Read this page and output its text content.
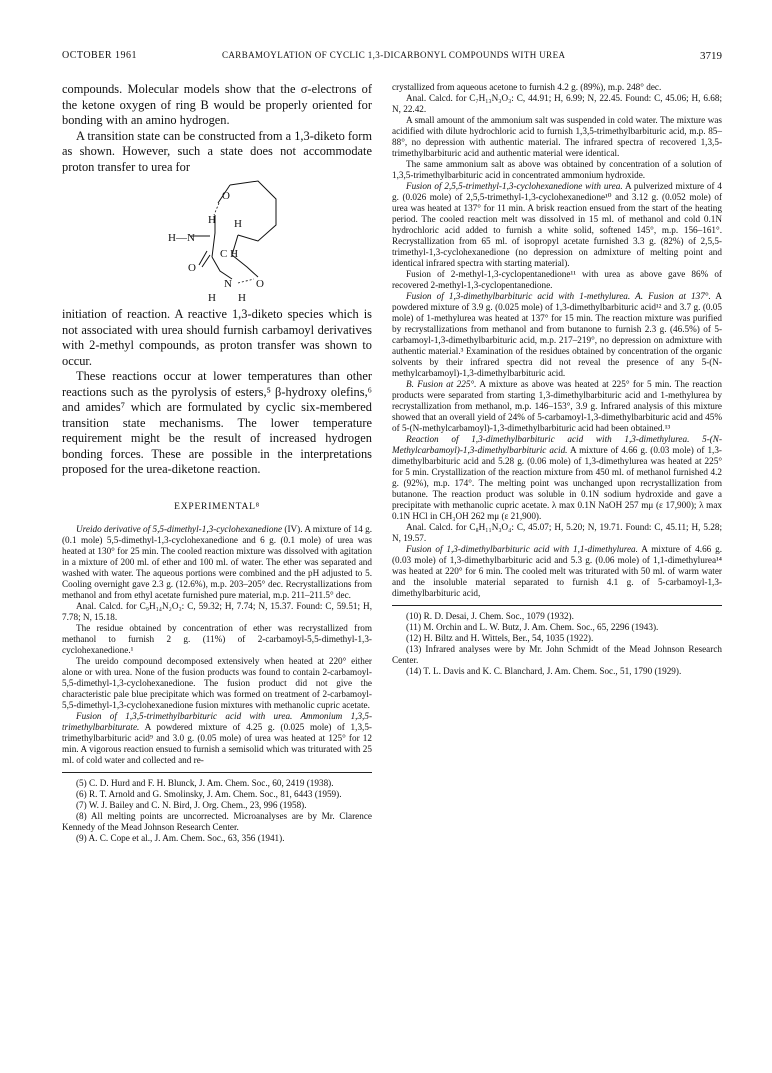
OCTOBER 1961	CARBAMOYLATION OF CYCLIC 1,3-DICARBONYL COMPOUNDS WITH UREA	3719

compounds. Molecular models show that the σ-electrons of the ketone oxygen of ring B would be properly oriented for bonding with an amino hydrogen.

A transition state can be constructed from a 1,3-diketo form as shown. However, such a state does not accommodate proton transfer to urea for

H
O
H
H—N
C H
O
N
H H
O

initiation of reaction. A reactive 1,3-diketo species which is not associated with urea should furnish carbamoyl derivatives with 2-methyl compounds, as proton transfer was shown to occur.

These reactions occur at lower temperatures than other reactions such as the pyrolysis of esters,⁵ β-hydroxy olefins,⁶ and amides⁷ which are formulated by cyclic six-membered transition state mechanisms. The lower temperature requirement might be the result of increased hydrogen bonding forces. These are possible in the interpretations proposed for the urea-diketone reaction.

EXPERIMENTAL⁸

Ureido derivative of 5,5-dimethyl-1,3-cyclohexanedione (IV). A mixture of 14 g. (0.1 mole) 5,5-dimethyl-1,3-cyclohexanedione and 6 g. (0.1 mole) of urea was heated at 130° for 25 min. The cooled reaction mixture was dissolved with agitation in a mixture of 200 ml. of ether and 100 ml. of water. The ether was separated and washed with water. The aqueous portions were combined and the pH adjusted to 5. Cooling overnight gave 2.3 g. (12.6%), m.p. 203–205° dec. Recrystallizations from methanol and from ethyl acetate furnished pure material, m.p. 211–211.5° dec.

Anal. Calcd. for C₉H₁₄N₂O₃: C, 59.32; H, 7.74; N, 15.37. Found: C, 59.51; H, 7.78; N, 15.18.

The residue obtained by concentration of ether was recrystallized from methanol to furnish 2 g. (11%) of 2-carbamoyl-5,5-dimethyl-1,3-cyclohexanedione.¹

The ureido compound decomposed extensively when heated at 220° either alone or with urea. None of the fusion products was found to contain 2-carbamoyl-5,5-dimethyl-1,3-cyclohexanedione. The fusion product did not give the characteristic pale blue precipitate which was formed on treatment of 2-carbamoyl-5,5-dimethyl-1,3-cyclohexanedione fusion mixtures with methanolic cupric acetate.

Fusion of 1,3,5-trimethylbarbituric acid with urea. Ammonium 1,3,5-trimethylbarbiturate. A powdered mixture of 4.25 g. (0.025 mole) of 1,3,5-trimethylbarbituric acid⁹ and 3.0 g. (0.05 mole) of urea was heated at 125° for 12 min. A vigorous reaction ensued to furnish a semisolid which was triturated with 25 ml. of cold water and collected and re-

(5) C. D. Hurd and F. H. Blunck, J. Am. Chem. Soc., 60, 2419 (1938).

(6) R. T. Arnold and G. Smolinsky, J. Am. Chem. Soc., 81, 6443 (1959).

(7) W. J. Bailey and C. N. Bird, J. Org. Chem., 23, 996 (1958).

(8) All melting points are uncorrected. Microanalyses are by Mr. Clarence Kennedy of the Mead Johnson Research Center.

(9) A. C. Cope et al., J. Am. Chem. Soc., 63, 356 (1941).

crystallized from aqueous acetone to furnish 4.2 g. (89%), m.p. 248° dec.

Anal. Calcd. for C₇H₁₃N₃O₃: C, 44.91; H, 6.99; N, 22.45. Found: C, 45.06; H, 6.68; N, 22.42.

A small amount of the ammonium salt was suspended in cold water. The mixture was acidified with dilute hydrochloric acid to furnish 1,3,5-trimethylbarbituric acid, m.p. 85–88°, no depression with authentic material. The infrared spectra of recovered 1,3,5-trimethylbarbituric acid and authentic material were identical.

The same ammonium salt as above was obtained by concentration of a solution of 1,3,5-trimethylbarbituric acid in concentrated ammonium hydroxide.

Fusion of 2,5,5-trimethyl-1,3-cyclohexanedione with urea. A pulverized mixture of 4 g. (0.026 mole) of 2,5,5-trimethyl-1,3-cyclohexanedione¹⁰ and 3.12 g. (0.052 mole) of urea was heated at 137° for 11 min. A brisk reaction ensued from the start of the heating period. The cooled reaction melt was dissolved in 15 ml. of methanol and cold 0.1N hydrochloric acid added to furnish a white solid, softened 145°, m.p. 156–161°. Recrystallization from 65 ml. of isopropyl acetate furnished 3.3 g. (82%) of 2,5,5-trimethyl-1,3-cyclohexanedione (no depression on admixture of melting point and identical infrared spectra with starting material).

Fusion of 2-methyl-1,3-cyclopentanedione¹¹ with urea as above gave 86% of recovered 2-methyl-1,3-cyclopentanedione.

Fusion of 1,3-dimethylbarbituric acid with 1-methylurea. A. Fusion at 137°. A powdered mixture of 3.9 g. (0.025 mole) of 1,3-dimethylbarbituric acid¹² and 3.7 g. (0.05 mole) of 1-methylurea was heated at 137° for 15 min. The reaction mixture was purified by recrystallizations from methanol and from butanone to furnish 2.3 g. (46.5%) of 5-carbamoyl-1,3-dimethylbarbituric acid, m.p. 217–219°, no depression on admixture with authentic material.³ Examination of the residues obtained by concentration of the organic solvents by their infrared spectra did not reveal the presence of any 5-(N-methylcarbamoyl)-1,3-dimethylbarbituric acid.

B. Fusion at 225°. A mixture as above was heated at 225° for 5 min. The reaction products were separated from starting 1,3-dimethylbarbituric acid and 1-methylurea by recrystallization from methanol, m.p. 146–153°, 3.9 g. Infrared analysis of this mixture showed that an overall yield of 24% of 5-carbamoyl-1,3-dimethylbarbituric acid and 45% of 5-(N-methylcarbamoyl)-1,3-dimethylbarbituric acid had been obtained.¹³

Reaction of 1,3-dimethylbarbituric acid with 1,3-dimethylurea. 5-(N-Methylcarbamoyl)-1,3-dimethylbarbituric acid. A mixture of 4.66 g. (0.03 mole) of 1,3-dimethylbarbituric acid and 5.28 g. (0.06 mole) of 1,3-dimethylurea was heated at 225° for 5 min. Crystallization of the reaction mixture from 450 ml. of methanol furnished 4.2 g. (92%), m.p. 174°. The melting point was unchanged upon recrystallization from butanone. The reaction product was soluble in 0.1N sodium hydroxide and gave a precipitate with methanolic cupric acetate. λ max 0.1N NaOH 257 mμ (ε 17,900); λ max 0.1N HCl in CH₃OH 262 mμ (ε 21,900).

Anal. Calcd. for C₈H₁₁N₃O₄: C, 45.07; H, 5.20; N, 19.71. Found: C, 45.11; H, 5.28; N, 19.57.

Fusion of 1,3-dimethylbarbituric acid with 1,1-dimethylurea. A mixture of 4.66 g. (0.03 mole) of 1,3-dimethylbarbituric acid and 5.3 g. (0.06 mole) of 1,1-dimethylurea¹⁴ was heated at 220° for 6 min. The cooled melt was triturated with 50 ml. of warm water and the insoluble material separated to furnish 4.1 g. of 5-carbamoyl-1,3-dimethylbarbituric acid,

(10) R. D. Desai, J. Chem. Soc., 1079 (1932).

(11) M. Orchin and L. W. Butz, J. Am. Chem. Soc., 65, 2296 (1943).

(12) H. Biltz and H. Wittels, Ber., 54, 1035 (1922).

(13) Infrared analyses were by Mr. John Schmidt of the Mead Johnson Research Center.

(14) T. L. Davis and K. C. Blanchard, J. Am. Chem. Soc., 51, 1790 (1929).
